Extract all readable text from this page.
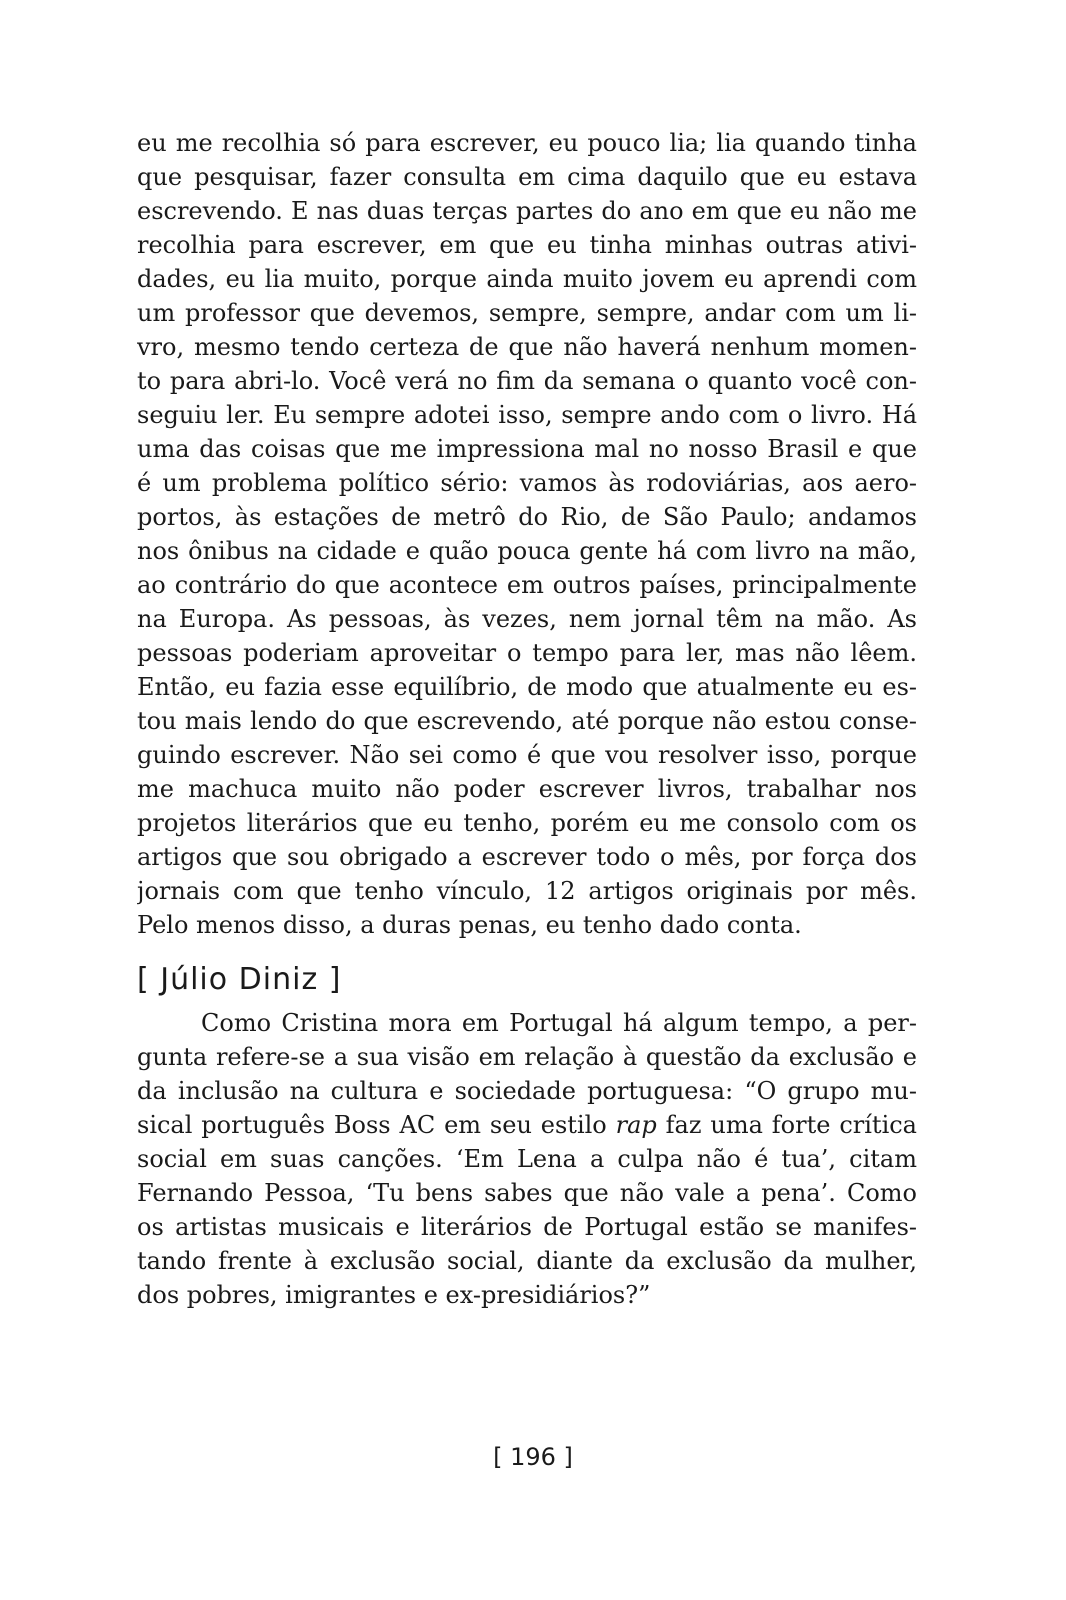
eu me recolhia só para escrever, eu pouco lia; lia quando tinha
que pesquisar, fazer consulta em cima daquilo que eu estava
escrevendo. E nas duas terças partes do ano em que eu não me
recolhia para escrever, em que eu tinha minhas outras ativi-
dades, eu lia muito, porque ainda muito jovem eu aprendi com
um professor que devemos, sempre, sempre, andar com um li-
vro, mesmo tendo certeza de que não haverá nenhum momen-
to para abri-lo. Você verá no fim da semana o quanto você con-
seguiu ler. Eu sempre adotei isso, sempre ando com o livro. Há
uma das coisas que me impressiona mal no nosso Brasil e que
é um problema político sério: vamos às rodoviárias, aos aero-
portos, às estações de metrô do Rio, de São Paulo; andamos
nos ônibus na cidade e quão pouca gente há com livro na mão,
ao contrário do que acontece em outros países, principalmente
na Europa. As pessoas, às vezes, nem jornal têm na mão. As
pessoas poderiam aproveitar o tempo para ler, mas não lêem.
Então, eu fazia esse equilíbrio, de modo que atualmente eu es-
tou mais lendo do que escrevendo, até porque não estou conse-
guindo escrever. Não sei como é que vou resolver isso, porque
me machuca muito não poder escrever livros, trabalhar nos
projetos literários que eu tenho, porém eu me consolo com os
artigos que sou obrigado a escrever todo o mês, por força dos
jornais com que tenho vínculo, 12 artigos originais por mês.
Pelo menos disso, a duras penas, eu tenho dado conta.
[ Júlio Diniz ]
Como Cristina mora em Portugal há algum tempo, a per-
gunta refere-se a sua visão em relação à questão da exclusão e
da inclusão na cultura e sociedade portuguesa: “O grupo mu-
sical português Boss AC em seu estilo rap faz uma forte crítica
social em suas canções. ‘Em Lena a culpa não é tua’, citam
Fernando Pessoa, ‘Tu bens sabes que não vale a pena’. Como
os artistas musicais e literários de Portugal estão se manifes-
tando frente à exclusão social, diante da exclusão da mulher,
dos pobres, imigrantes e ex-presidiários?”
[ 196 ]
